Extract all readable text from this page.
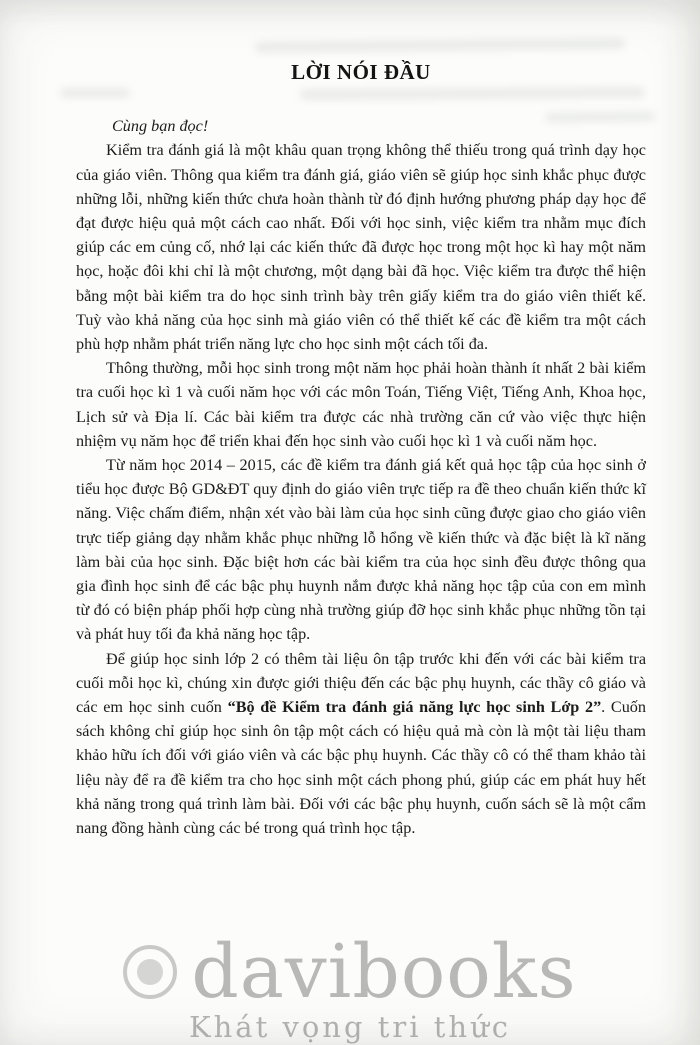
davibooks
Khát vọng tri thức
LỜI NÓI ĐẦU

Cùng bạn đọc!

Kiểm tra đánh giá là một khâu quan trọng không thể thiếu trong quá trình dạy học của giáo viên. Thông qua kiểm tra đánh giá, giáo viên sẽ giúp học sinh khắc phục được những lỗi, những kiến thức chưa hoàn thành từ đó định hướng phương pháp dạy học để đạt được hiệu quả một cách cao nhất. Đối với học sinh, việc kiểm tra nhằm mục đích giúp các em củng cố, nhớ lại các kiến thức đã được học trong một học kì hay một năm học, hoặc đôi khi chỉ là một chương, một dạng bài đã học. Việc kiểm tra được thể hiện bằng một bài kiểm tra do học sinh trình bày trên giấy kiểm tra do giáo viên thiết kế. Tuỳ vào khả năng của học sinh mà giáo viên có thể thiết kế các đề kiểm tra một cách phù hợp nhằm phát triển năng lực cho học sinh một cách tối đa.

Thông thường, mỗi học sinh trong một năm học phải hoàn thành ít nhất 2 bài kiểm tra cuối học kì 1 và cuối năm học với các môn Toán, Tiếng Việt, Tiếng Anh, Khoa học, Lịch sử và Địa lí. Các bài kiểm tra được các nhà trường căn cứ vào việc thực hiện nhiệm vụ năm học để triển khai đến học sinh vào cuối học kì 1 và cuối năm học.

Từ năm học 2014 – 2015, các đề kiểm tra đánh giá kết quả học tập của học sinh ở tiểu học được Bộ GD&ĐT quy định do giáo viên trực tiếp ra đề theo chuẩn kiến thức kĩ năng. Việc chấm điểm, nhận xét vào bài làm của học sinh cũng được giao cho giáo viên trực tiếp giảng dạy nhằm khắc phục những lỗ hổng về kiến thức và đặc biệt là kĩ năng làm bài của học sinh. Đặc biệt hơn các bài kiểm tra của học sinh đều được thông qua gia đình học sinh để các bậc phụ huynh nắm được khả năng học tập của con em mình từ đó có biện pháp phối hợp cùng nhà trường giúp đỡ học sinh khắc phục những tồn tại và phát huy tối đa khả năng học tập.

Để giúp học sinh lớp 2 có thêm tài liệu ôn tập trước khi đến với các bài kiểm tra cuối mỗi học kì, chúng xin được giới thiệu đến các bậc phụ huynh, các thầy cô giáo và các em học sinh cuốn “Bộ đề Kiểm tra đánh giá năng lực học sinh Lớp 2”. Cuốn sách không chỉ giúp học sinh ôn tập một cách có hiệu quả mà còn là một tài liệu tham khảo hữu ích đối với giáo viên và các bậc phụ huynh. Các thầy cô có thể tham khảo tài liệu này để ra đề kiểm tra cho học sinh một cách phong phú, giúp các em phát huy hết khả năng trong quá trình làm bài. Đối với các bậc phụ huynh, cuốn sách sẽ là một cẩm nang đồng hành cùng các bé trong quá trình học tập.
